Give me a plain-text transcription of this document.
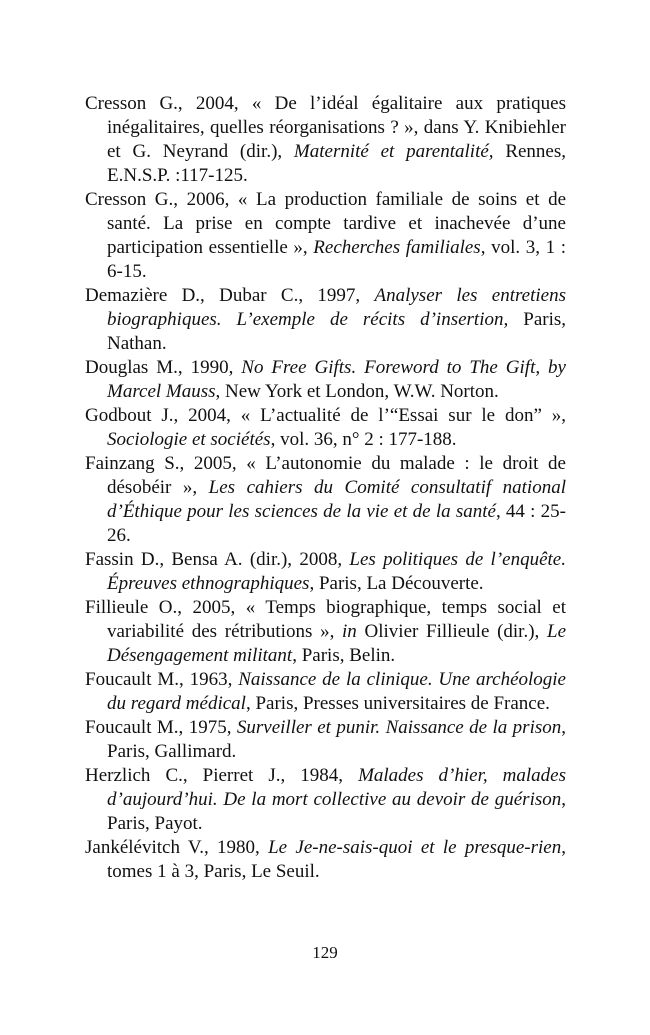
Cresson G., 2004, « De l’idéal égalitaire aux pratiques inégalitaires, quelles réorganisations ? », dans Y. Knibiehler et G. Neyrand (dir.), Maternité et parentalité, Rennes, E.N.S.P. :117-125.

Cresson G., 2006, « La production familiale de soins et de santé. La prise en compte tardive et inachevée d’une participation essentielle », Recherches familiales, vol. 3, 1 : 6-15.

Demazière D., Dubar C., 1997, Analyser les entretiens biographiques. L’exemple de récits d’insertion, Paris, Nathan.

Douglas M., 1990, No Free Gifts. Foreword to The Gift, by Marcel Mauss, New York et London, W.W. Norton.

Godbout J., 2004, « L’actualité de l’“Essai sur le don” », Sociologie et sociétés, vol. 36, n° 2 : 177-188.

Fainzang S., 2005, « L’autonomie du malade : le droit de désobéir », Les cahiers du Comité consultatif national d’Éthique pour les sciences de la vie et de la santé, 44 : 25-26.

Fassin D., Bensa A. (dir.), 2008, Les politiques de l’enquête. Épreuves ethnographiques, Paris, La Découverte.

Fillieule O., 2005, « Temps biographique, temps social et variabilité des rétributions », in Olivier Fillieule (dir.), Le Désengagement militant, Paris, Belin.

Foucault M., 1963, Naissance de la clinique. Une archéologie du regard médical, Paris, Presses universitaires de France.

Foucault M., 1975, Surveiller et punir. Naissance de la prison, Paris, Gallimard.

Herzlich C., Pierret J., 1984, Malades d’hier, malades d’aujourd’hui. De la mort collective au devoir de guérison, Paris, Payot.

Jankélévitch V., 1980, Le Je-ne-sais-quoi et le presque-rien, tomes 1 à 3, Paris, Le Seuil.

129
